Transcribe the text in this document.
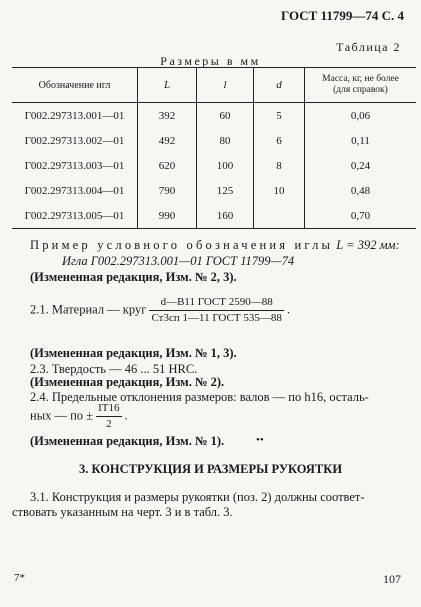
ГОСТ 11799—74 С. 4
Таблица 2
Размеры в мм
Обозначение игл	L	l	d	Масса, кг, не более
(для справок)

Г002.297313.001—01	392	60	5	0,06
Г002.297313.002—01	492	80	6	0,11
Г002.297313.003—01	620	100	8	0,24
Г002.297313.004—01	790	125	10	0,48
Г002.297313.005—01	990	160		0,70
Пример условного обозначения иглы L = 392 мм:
Игла Г002.297313.001—01 ГОСТ 11799—74
(Измененная редакция, Изм. № 2, 3).
2.1. Материал — круг $\frac{\text{d—В11 ГОСТ 2590—88}}{\text{Ст3сп 1—11 ГОСТ 535—88}}$ .
(Измененная редакция, Изм. № 1, 3).
2.3. Твердость — 46 ... 51 HRC.
(Измененная редакция, Изм. № 2).
2.4. Предельные отклонения размеров: валов — по h16, осталь-
ных — по ± $\frac{IT16}{2}$ .
(Измененная редакция, Изм. № 1).	••
3. КОНСТРУКЦИЯ И РАЗМЕРЫ РУКОЯТКИ
3.1. Конструкция и размеры рукоятки (поз. 2) должны соответ-
ствовать указанным на черт. 3 и в табл. 3.
7*	107
